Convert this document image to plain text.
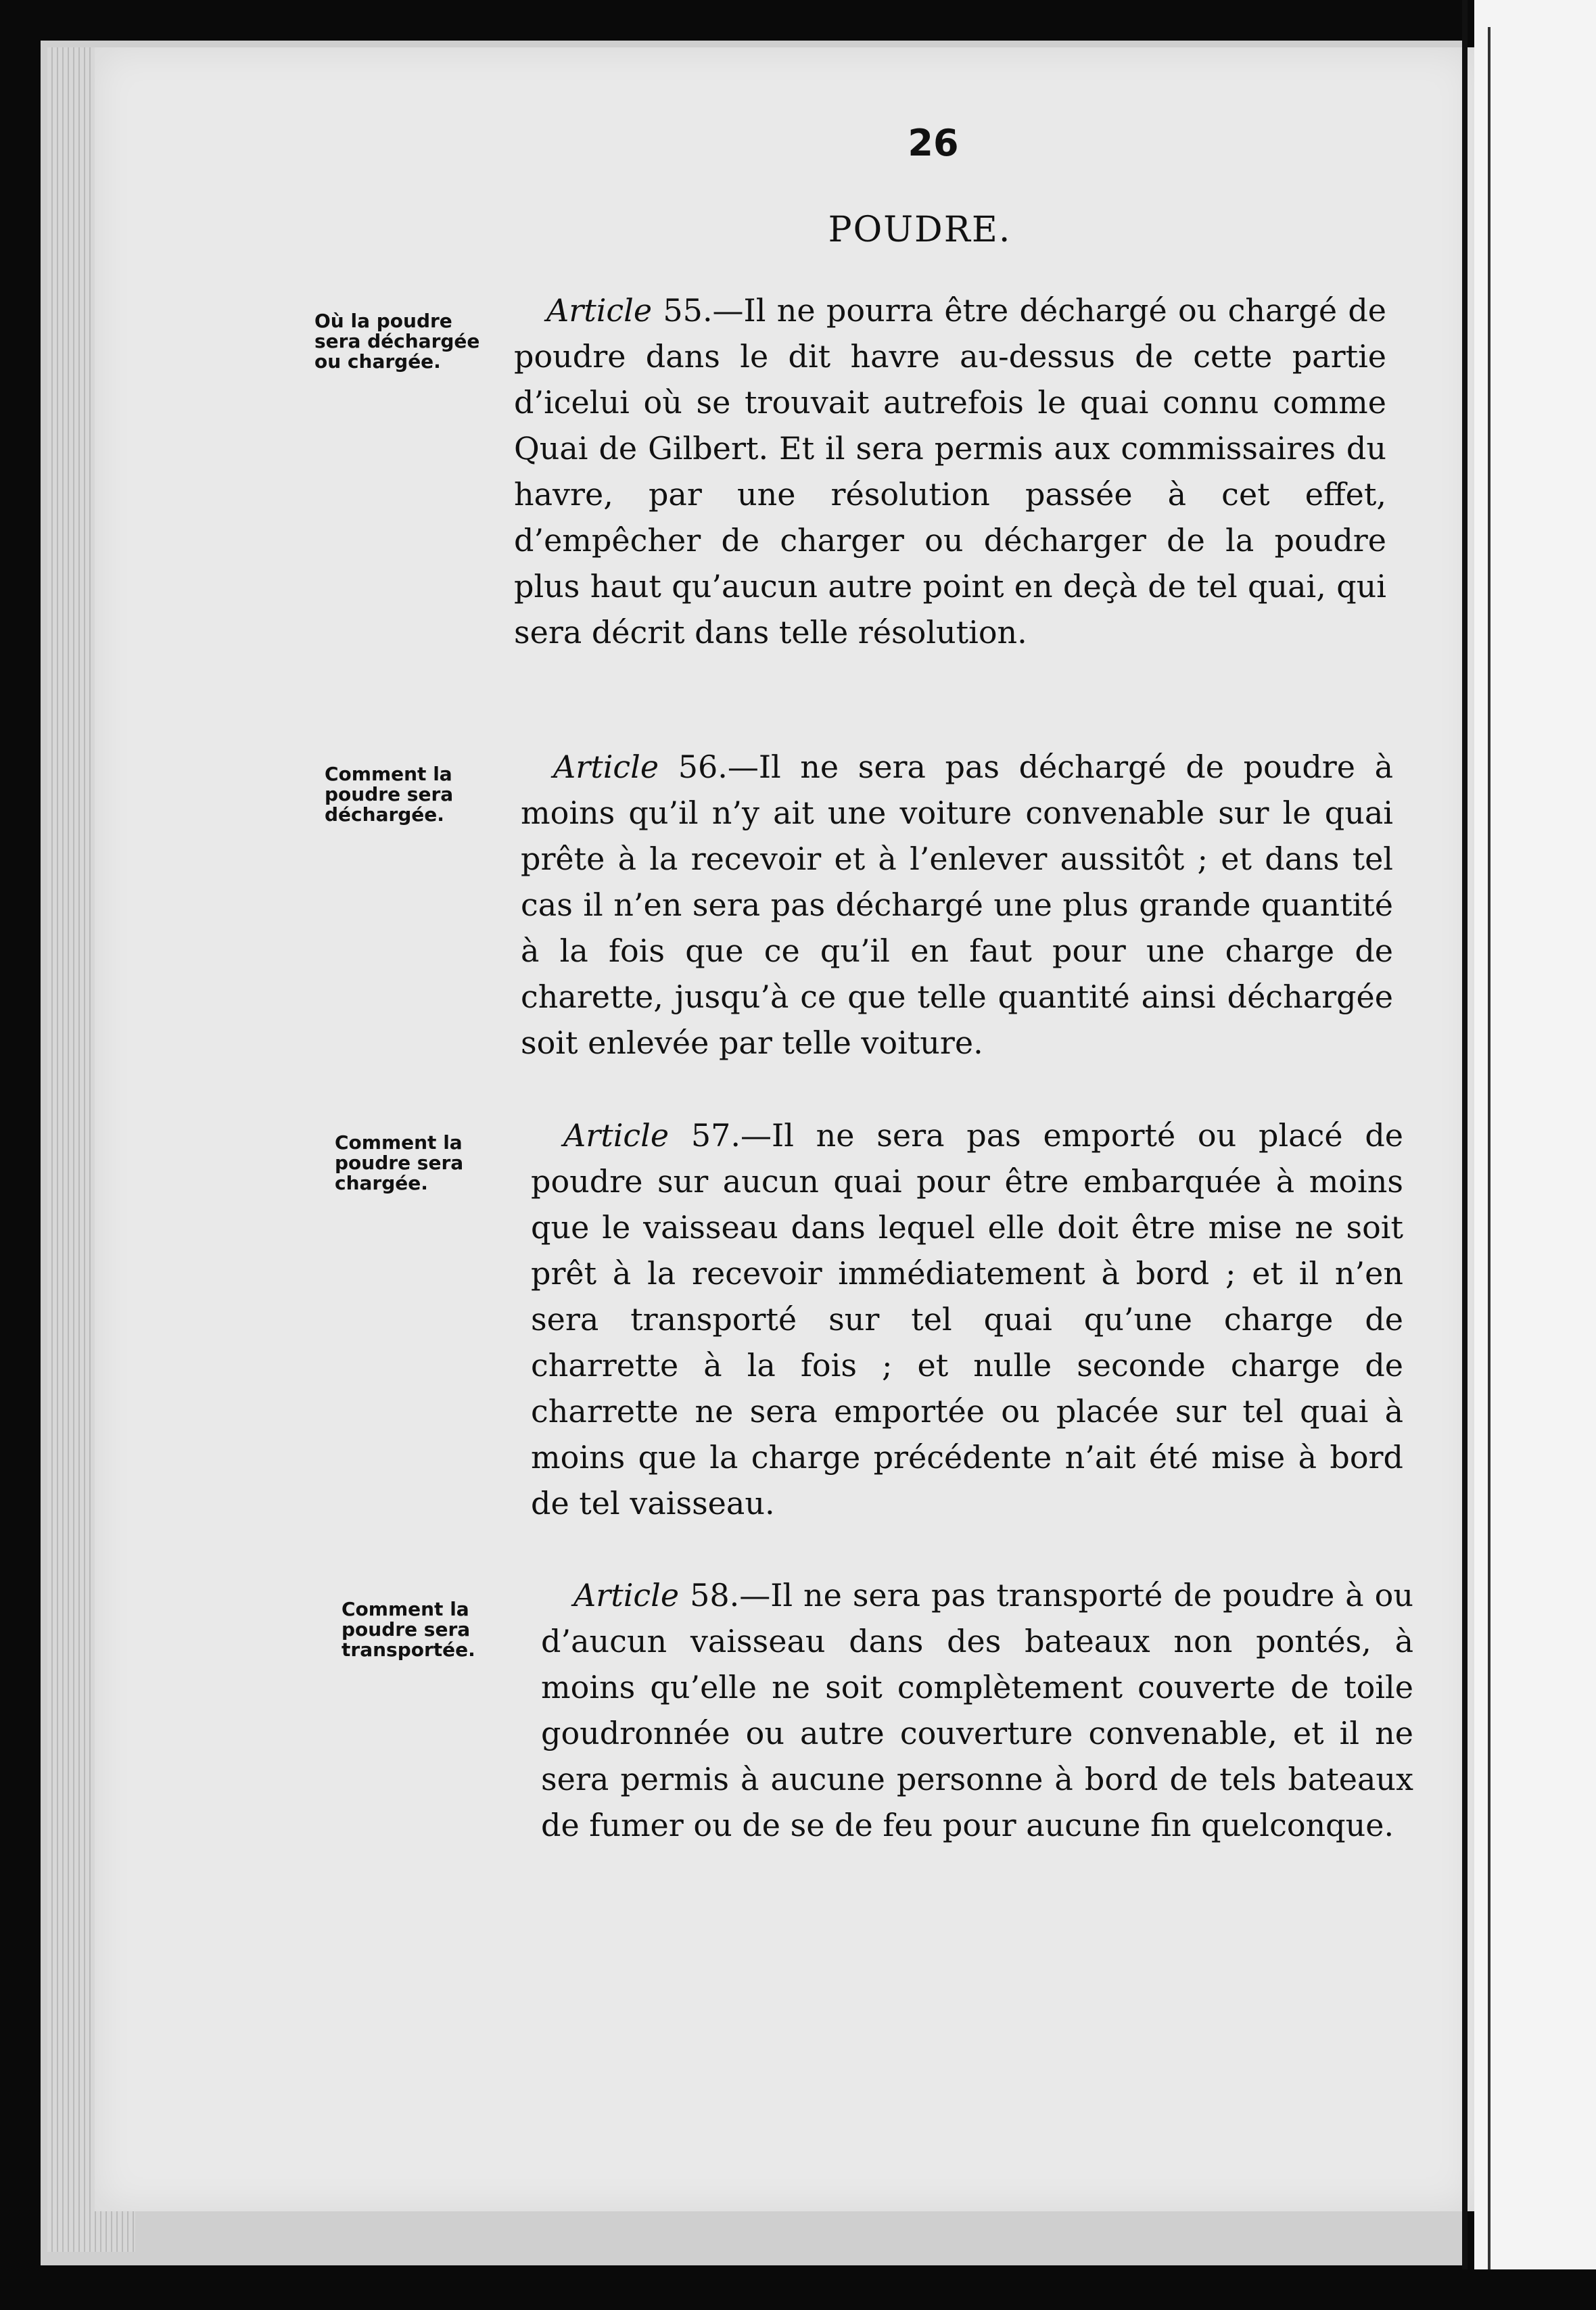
26
POUDRE.
Où la poudre sera déchargée ou chargée.

Article 55.—Il ne pourra être déchargé ou chargé de poudre dans le dit havre au-dessus de cette partie d’icelui où se trouvait autrefois le quai connu comme Quai de Gilbert. Et il sera permis aux commissaires du havre, par une résolution passée à cet effet, d’empêcher de charger ou décharger de la poudre plus haut qu’aucun autre point en deçà de tel quai, qui sera décrit dans telle résolution.

Comment la poudre sera déchargée.

Article 56.—Il ne sera pas déchargé de poudre à moins qu’il n’y ait une voiture convenable sur le quai prête à la recevoir et à l’enlever aussitôt ; et dans tel cas il n’en sera pas déchargé une plus grande quantité à la fois que ce qu’il en faut pour une charge de charette, jusqu’à ce que telle quantité ainsi déchargée soit enlevée par telle voiture.

Comment la poudre sera chargée.

Article 57.—Il ne sera pas emporté ou placé de poudre sur aucun quai pour être embarquée à moins que le vaisseau dans lequel elle doit être mise ne soit prêt à la recevoir immédiatement à bord ; et il n’en sera transporté sur tel quai qu’une charge de charrette à la fois ; et nulle seconde charge de charrette ne sera emportée ou placée sur tel quai à moins que la charge précédente n’ait été mise à bord de tel vaisseau.

Comment la poudre sera transportée.

Article 58.—Il ne sera pas transporté de poudre à ou d’aucun vaisseau dans des bateaux non pontés, à moins qu’elle ne soit complètement couverte de toile goudronnée ou autre couverture convenable, et il ne sera permis à aucune personne à bord de tels bateaux de fumer ou de se de feu pour aucune fin quelconque.
